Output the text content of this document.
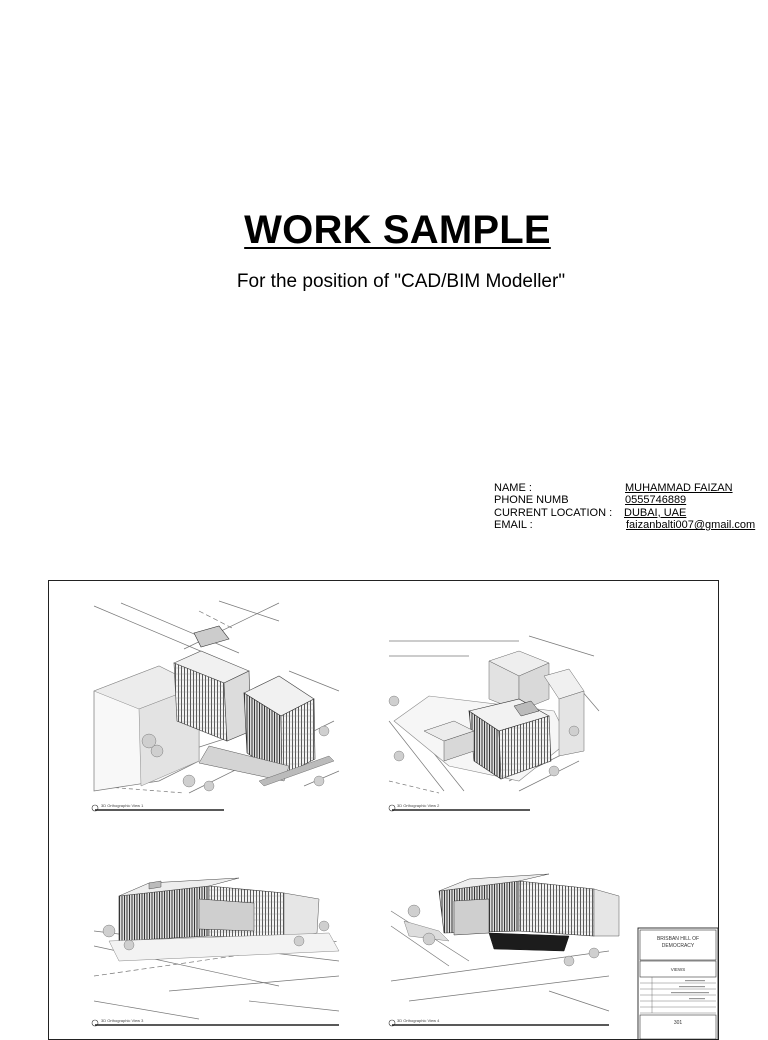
WORK SAMPLE
For the position of "CAD/BIM Modeller"
NAME :	MUHAMMAD FAIZAN
PHONE NUMB	0555746889
CURRENT LOCATION : DUBAI, UAE
EMAIL :	faizanbalti007@gmail.com
3D Orthographic View 1	3D Orthographic View 2
3D Orthographic View 3	3D Orthographic View 4
BRISBAN HILL OF
DEMOCRACY
VIEWS
301
